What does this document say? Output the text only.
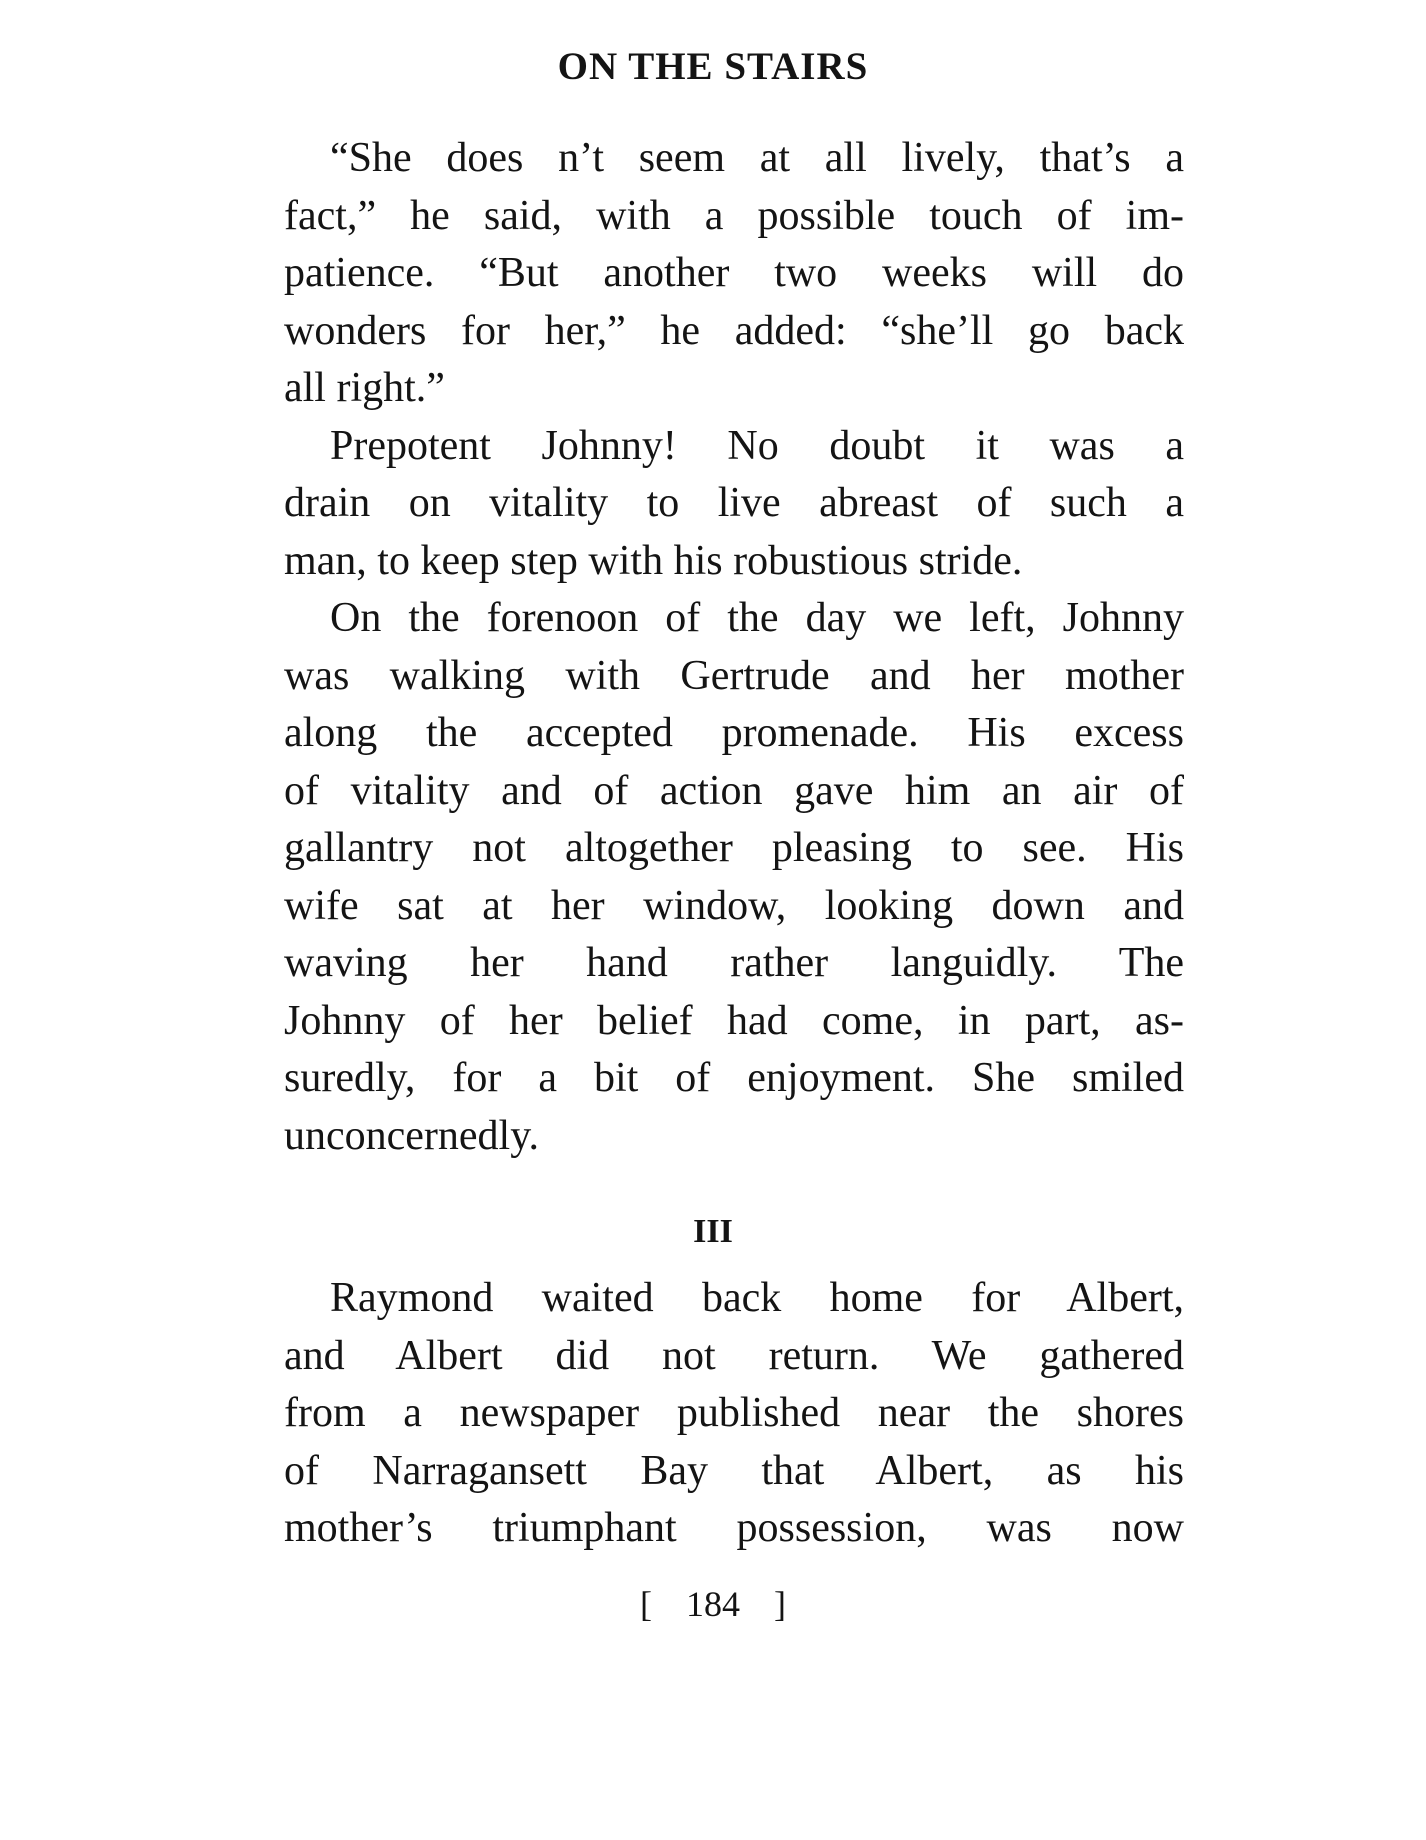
ON THE STAIRS

“She does n’t seem at all lively, that’s a
fact,” he said, with a possible touch of im-
patience. “But another two weeks will do
wonders for her,” he added: “she’ll go back
all right.”

Prepotent Johnny! No doubt it was a
drain on vitality to live abreast of such a
man, to keep step with his robustious stride.

On the forenoon of the day we left, Johnny
was walking with Gertrude and her mother
along the accepted promenade. His excess
of vitality and of action gave him an air of
gallantry not altogether pleasing to see. His
wife sat at her window, looking down and
waving her hand rather languidly. The
Johnny of her belief had come, in part, as-
suredly, for a bit of enjoyment. She smiled
unconcernedly.

III

Raymond waited back home for Albert,
and Albert did not return. We gathered
from a newspaper published near the shores
of Narragansett Bay that Albert, as his
mother’s triumphant possession, was now

[ 184 ]
